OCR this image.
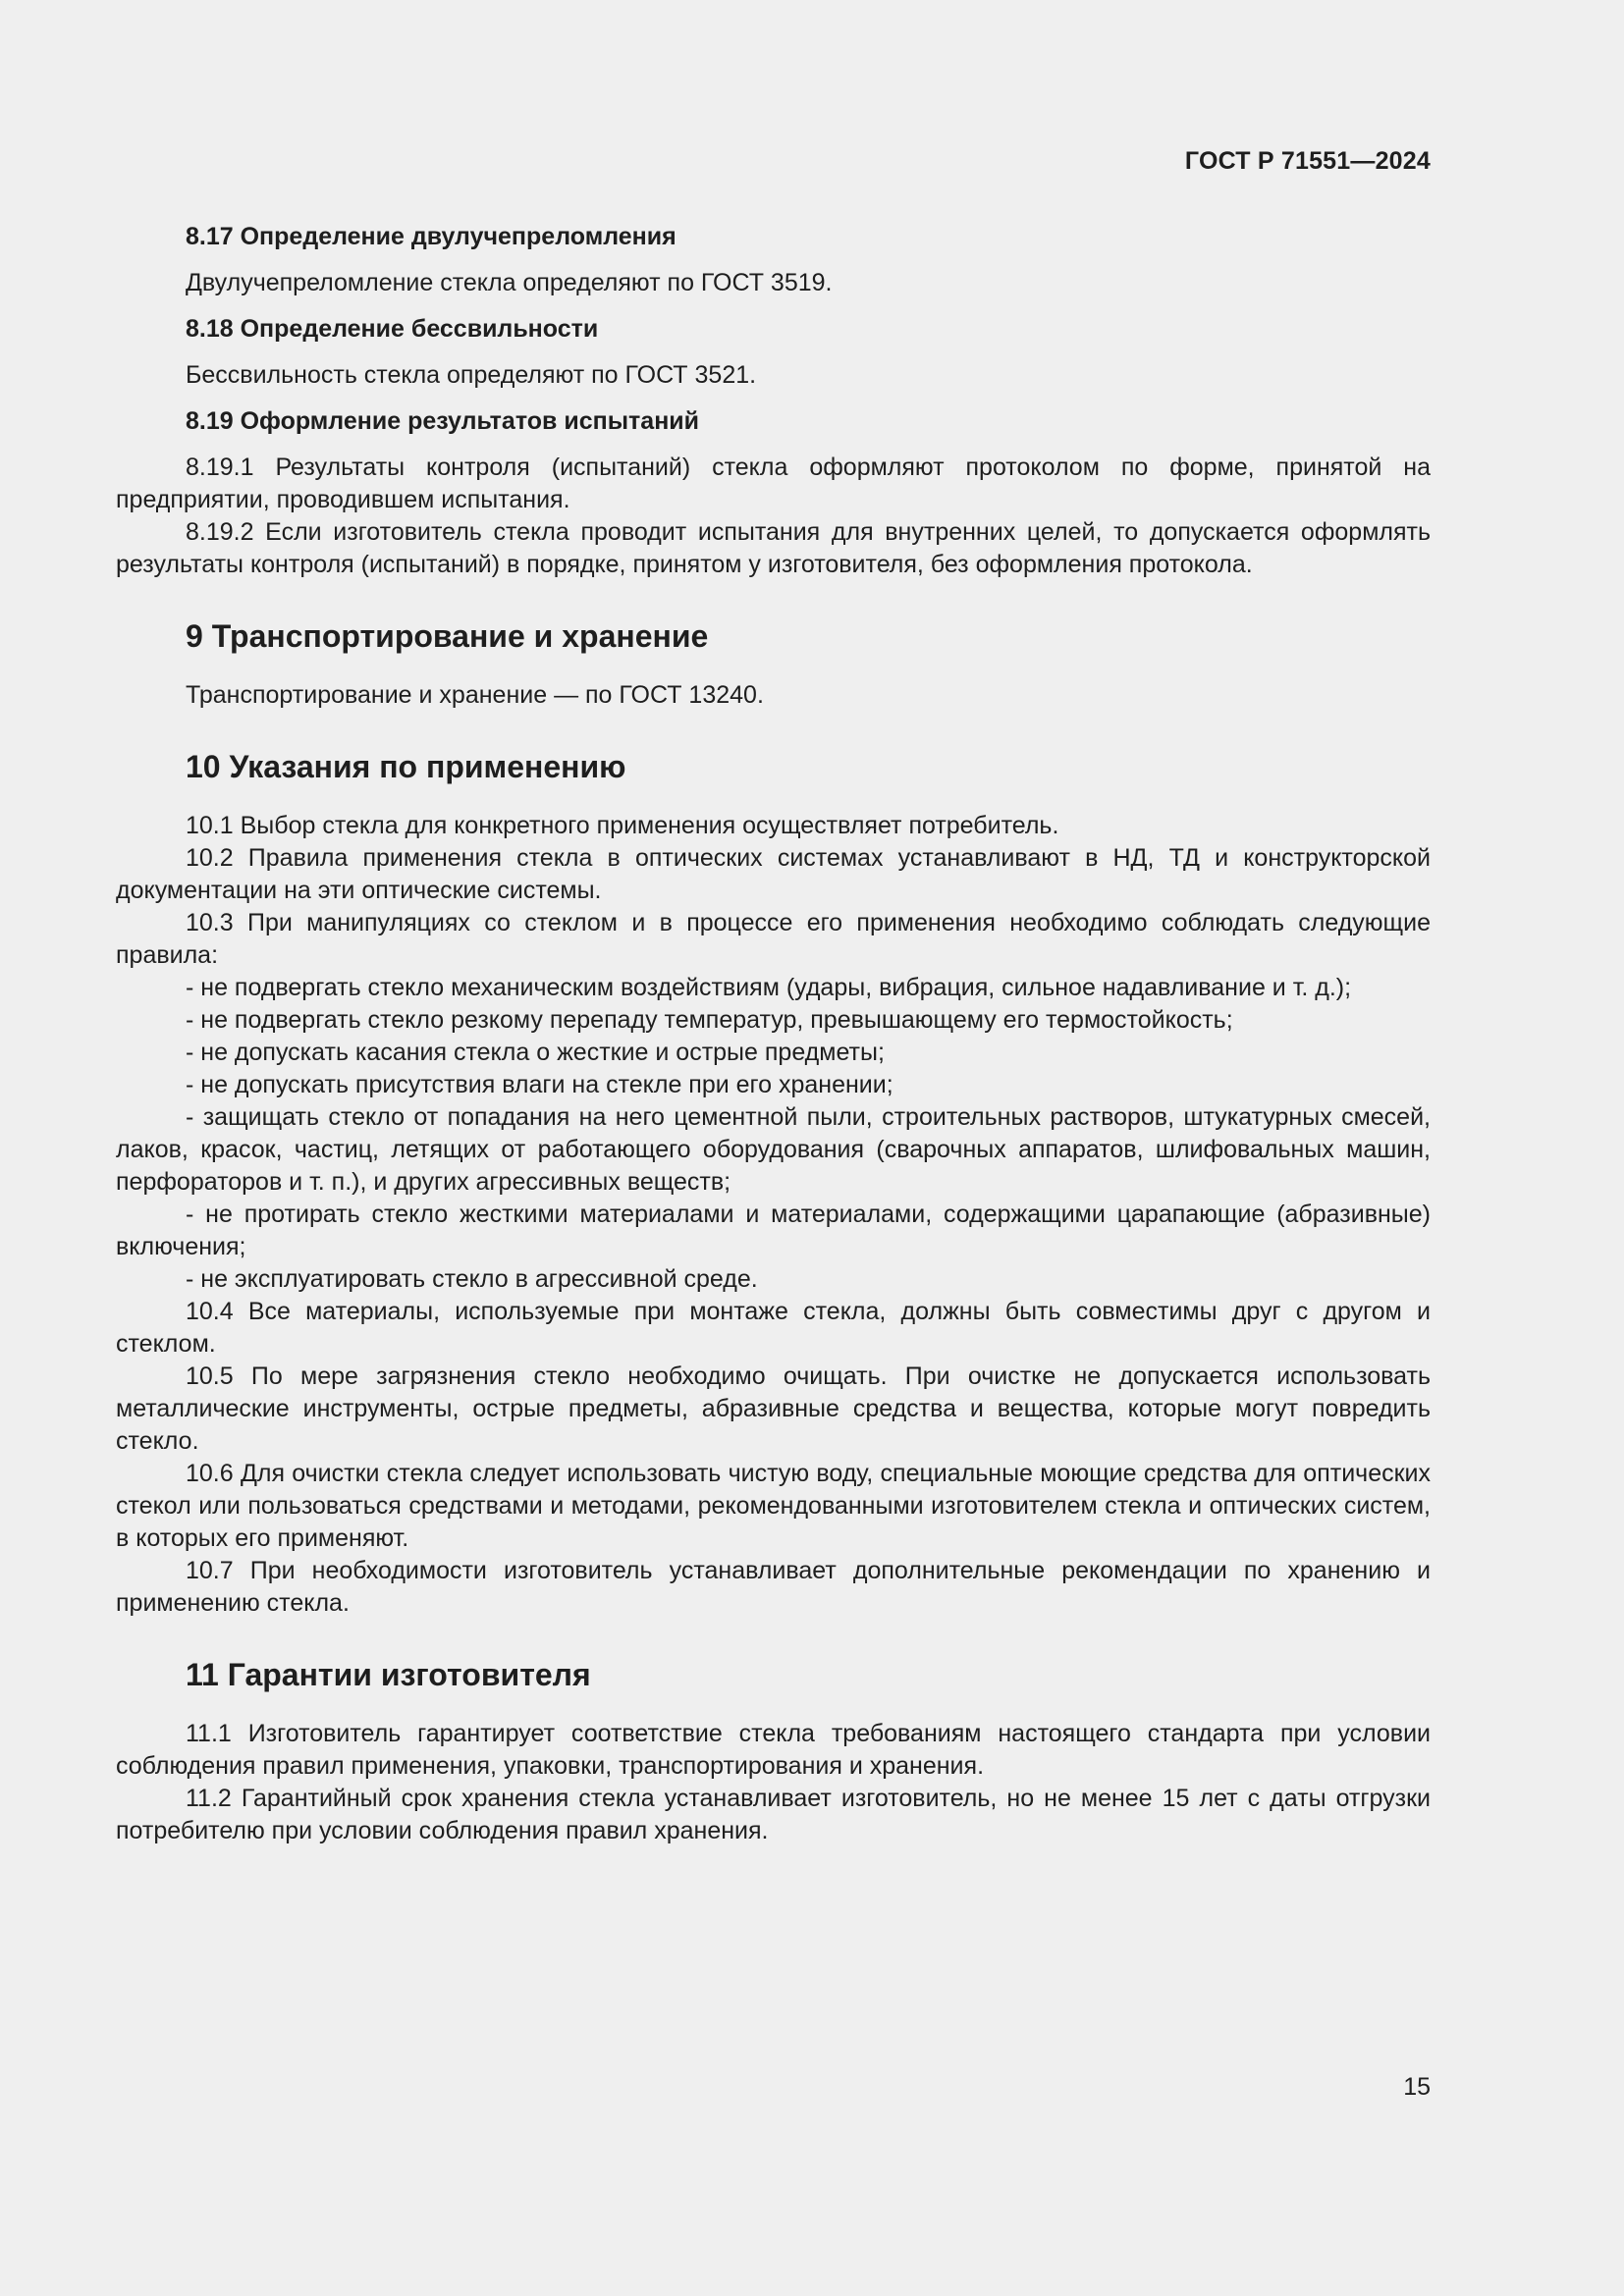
ГОСТ Р 71551—2024
8.17 Определение двулучепреломления

Двулучепреломление стекла определяют по ГОСТ 3519.

8.18 Определение бессвильности

Бессвильность стекла определяют по ГОСТ 3521.

8.19 Оформление результатов испытаний

8.19.1 Результаты контроля (испытаний) стекла оформляют протоколом по форме, принятой на предприятии, проводившем испытания.

8.19.2 Если изготовитель стекла проводит испытания для внутренних целей, то допускается оформлять результаты контроля (испытаний) в порядке, принятом у изготовителя, без оформления протокола.

9 Транспортирование и хранение

Транспортирование и хранение — по ГОСТ 13240.

10 Указания по применению

10.1 Выбор стекла для конкретного применения осуществляет потребитель.

10.2 Правила применения стекла в оптических системах устанавливают в НД, ТД и конструкторской документации на эти оптические системы.

10.3 При манипуляциях со стеклом и в процессе его применения необходимо соблюдать следующие правила:

- не подвергать стекло механическим воздействиям (удары, вибрация, сильное надавливание и т. д.);

- не подвергать стекло резкому перепаду температур, превышающему его термостойкость;

- не допускать касания стекла о жесткие и острые предметы;

- не допускать присутствия влаги на стекле при его хранении;

- защищать стекло от попадания на него цементной пыли, строительных растворов, штукатурных смесей, лаков, красок, частиц, летящих от работающего оборудования (сварочных аппаратов, шлифовальных машин, перфораторов и т. п.), и других агрессивных веществ;

- не протирать стекло жесткими материалами и материалами, содержащими царапающие (абразивные) включения;

- не эксплуатировать стекло в агрессивной среде.

10.4 Все материалы, используемые при монтаже стекла, должны быть совместимы друг с другом и стеклом.

10.5 По мере загрязнения стекло необходимо очищать. При очистке не допускается использовать металлические инструменты, острые предметы, абразивные средства и вещества, которые могут повредить стекло.

10.6 Для очистки стекла следует использовать чистую воду, специальные моющие средства для оптических стекол или пользоваться средствами и методами, рекомендованными изготовителем стекла и оптических систем, в которых его применяют.

10.7 При необходимости изготовитель устанавливает дополнительные рекомендации по хранению и применению стекла.

11 Гарантии изготовителя

11.1 Изготовитель гарантирует соответствие стекла требованиям настоящего стандарта при условии соблюдения правил применения, упаковки, транспортирования и хранения.

11.2 Гарантийный срок хранения стекла устанавливает изготовитель, но не менее 15 лет с даты отгрузки потребителю при условии соблюдения правил хранения.

15
